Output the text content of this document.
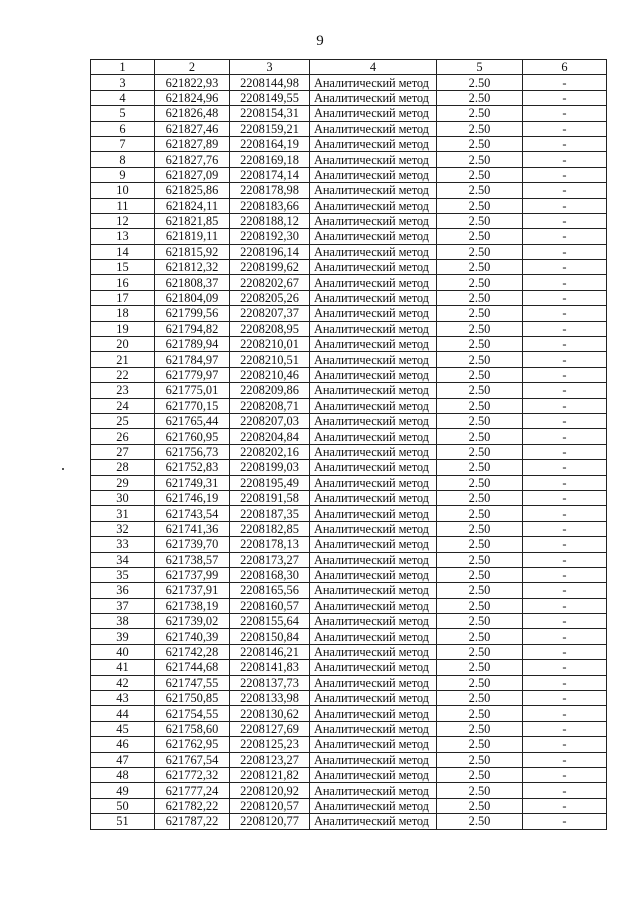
9
1	2	3	4	5	6
3	621822,93	2208144,98	Аналитический метод	2.50	-
4	621824,96	2208149,55	Аналитический метод	2.50	-
5	621826,48	2208154,31	Аналитический метод	2.50	-
6	621827,46	2208159,21	Аналитический метод	2.50	-
7	621827,89	2208164,19	Аналитический метод	2.50	-
8	621827,76	2208169,18	Аналитический метод	2.50	-
9	621827,09	2208174,14	Аналитический метод	2.50	-
10	621825,86	2208178,98	Аналитический метод	2.50	-
11	621824,11	2208183,66	Аналитический метод	2.50	-
12	621821,85	2208188,12	Аналитический метод	2.50	-
13	621819,11	2208192,30	Аналитический метод	2.50	-
14	621815,92	2208196,14	Аналитический метод	2.50	-
15	621812,32	2208199,62	Аналитический метод	2.50	-
16	621808,37	2208202,67	Аналитический метод	2.50	-
17	621804,09	2208205,26	Аналитический метод	2.50	-
18	621799,56	2208207,37	Аналитический метод	2.50	-
19	621794,82	2208208,95	Аналитический метод	2.50	-
20	621789,94	2208210,01	Аналитический метод	2.50	-
21	621784,97	2208210,51	Аналитический метод	2.50	-
22	621779,97	2208210,46	Аналитический метод	2.50	-
23	621775,01	2208209,86	Аналитический метод	2.50	-
24	621770,15	2208208,71	Аналитический метод	2.50	-
25	621765,44	2208207,03	Аналитический метод	2.50	-
26	621760,95	2208204,84	Аналитический метод	2.50	-
27	621756,73	2208202,16	Аналитический метод	2.50	-
28	621752,83	2208199,03	Аналитический метод	2.50	-
29	621749,31	2208195,49	Аналитический метод	2.50	-
30	621746,19	2208191,58	Аналитический метод	2.50	-
31	621743,54	2208187,35	Аналитический метод	2.50	-
32	621741,36	2208182,85	Аналитический метод	2.50	-
33	621739,70	2208178,13	Аналитический метод	2.50	-
34	621738,57	2208173,27	Аналитический метод	2.50	-
35	621737,99	2208168,30	Аналитический метод	2.50	-
36	621737,91	2208165,56	Аналитический метод	2.50	-
37	621738,19	2208160,57	Аналитический метод	2.50	-
38	621739,02	2208155,64	Аналитический метод	2.50	-
39	621740,39	2208150,84	Аналитический метод	2.50	-
40	621742,28	2208146,21	Аналитический метод	2.50	-
41	621744,68	2208141,83	Аналитический метод	2.50	-
42	621747,55	2208137,73	Аналитический метод	2.50	-
43	621750,85	2208133,98	Аналитический метод	2.50	-
44	621754,55	2208130,62	Аналитический метод	2.50	-
45	621758,60	2208127,69	Аналитический метод	2.50	-
46	621762,95	2208125,23	Аналитический метод	2.50	-
47	621767,54	2208123,27	Аналитический метод	2.50	-
48	621772,32	2208121,82	Аналитический метод	2.50	-
49	621777,24	2208120,92	Аналитический метод	2.50	-
50	621782,22	2208120,57	Аналитический метод	2.50	-
51	621787,22	2208120,77	Аналитический метод	2.50	-
